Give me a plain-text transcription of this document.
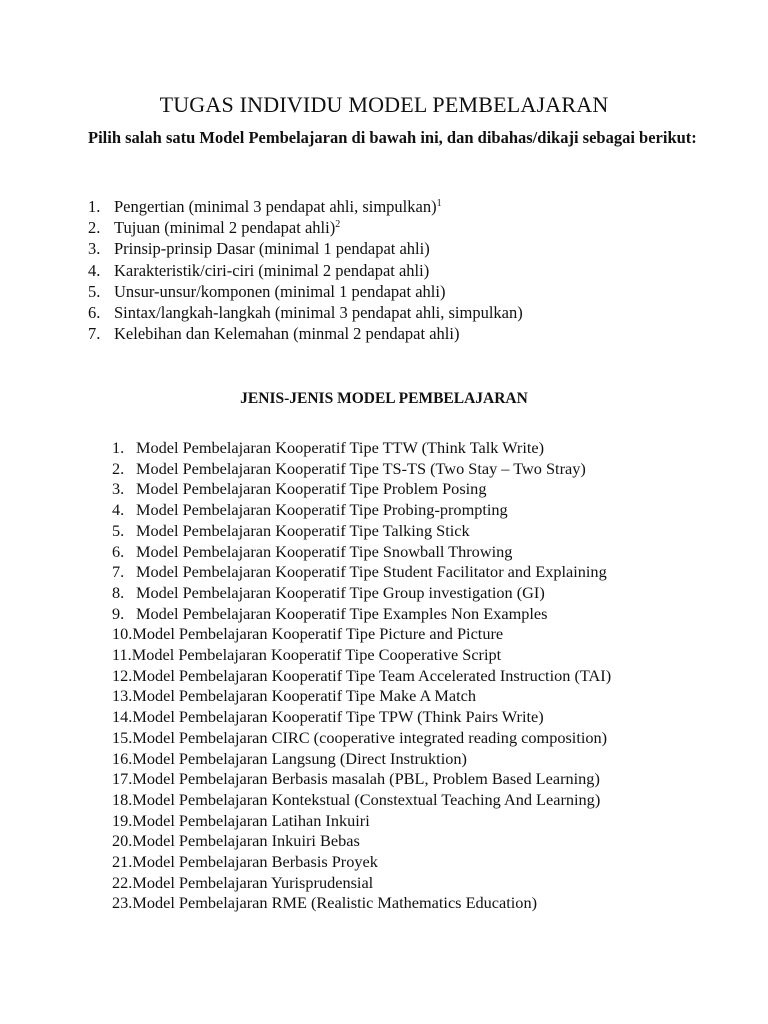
TUGAS INDIVIDU MODEL PEMBELAJARAN
Pilih salah satu Model Pembelajaran di bawah ini, dan dibahas/dikaji sebagai berikut:
1. Pengertian (minimal 3 pendapat ahli, simpulkan)$^1$
2. Tujuan (minimal 2 pendapat ahli)$^2$
3. Prinsip-prinsip Dasar (minimal 1 pendapat ahli)
4. Karakteristik/ciri-ciri (minimal 2 pendapat ahli)
5. Unsur-unsur/komponen (minimal 1 pendapat ahli)
6. Sintax/langkah-langkah (minimal 3 pendapat ahli, simpulkan)
7. Kelebihan dan Kelemahan (minmal 2 pendapat ahli)
JENIS-JENIS MODEL PEMBELAJARAN
1. Model Pembelajaran Kooperatif Tipe TTW (Think Talk Write)
2. Model Pembelajaran Kooperatif Tipe TS-TS (Two Stay – Two Stray)
3. Model Pembelajaran Kooperatif Tipe Problem Posing
4. Model Pembelajaran Kooperatif Tipe Probing-prompting
5. Model Pembelajaran Kooperatif Tipe Talking Stick
6. Model Pembelajaran Kooperatif Tipe Snowball Throwing
7. Model Pembelajaran Kooperatif Tipe Student Facilitator and Explaining
8. Model Pembelajaran Kooperatif Tipe Group investigation (GI)
9. Model Pembelajaran Kooperatif Tipe Examples Non Examples
10.Model Pembelajaran Kooperatif Tipe Picture and Picture
11.Model Pembelajaran Kooperatif Tipe Cooperative Script
12.Model Pembelajaran Kooperatif Tipe Team Accelerated Instruction (TAI)
13.Model Pembelajaran Kooperatif Tipe Make A Match
14.Model Pembelajaran Kooperatif Tipe TPW (Think Pairs Write)
15.Model Pembelajaran CIRC (cooperative integrated reading composition)
16.Model Pembelajaran Langsung (Direct Instruktion)
17.Model Pembelajaran Berbasis masalah (PBL, Problem Based Learning)
18.Model Pembelajaran Kontekstual (Constextual Teaching And Learning)
19.Model Pembelajaran Latihan Inkuiri
20.Model Pembelajaran Inkuiri Bebas
21.Model Pembelajaran Berbasis Proyek
22.Model Pembelajaran Yurisprudensial
23.Model Pembelajaran RME (Realistic Mathematics Education)
